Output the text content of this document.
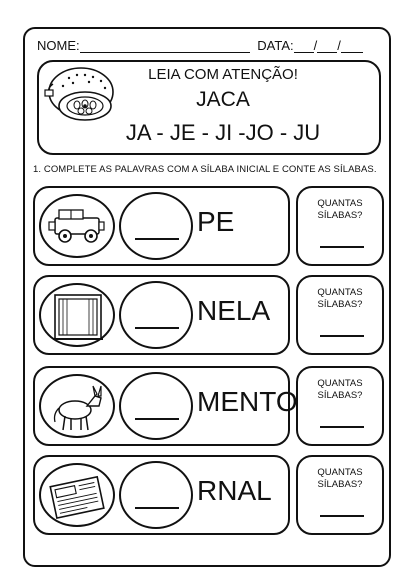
NOME:	DATA: / /
LEIA COM ATENÇÃO!
JACA
JA - JE - JI -JO - JU
1. COMPLETE AS PALAVRAS COM A SÍLABA INICIAL E CONTE AS SÍLABAS.
PE
QUANTAS
SÍLABAS?
NELA
QUANTAS
SÍLABAS?
MENTO
QUANTAS
SÍLABAS?
RNAL
QUANTAS
SÍLABAS?
